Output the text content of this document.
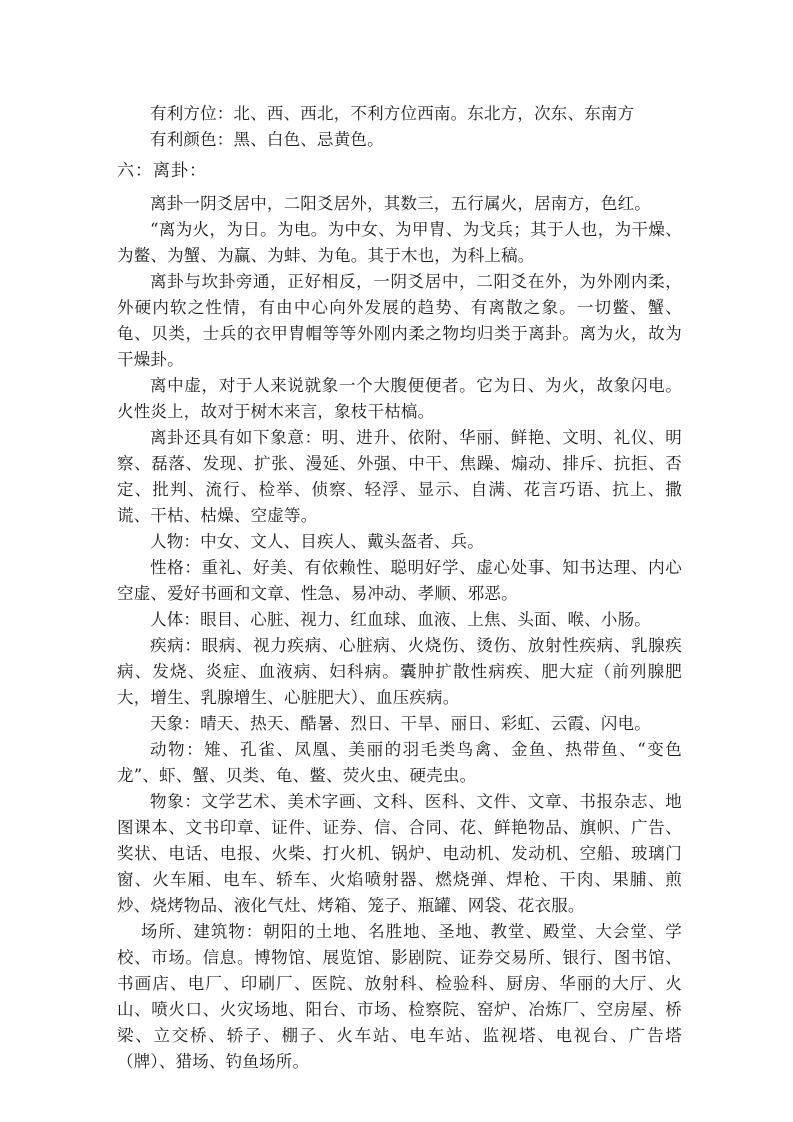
有利方位：北、西、西北，不利方位西南。东北方，次东、东南方

有利颜色：黑、白色、忌黄色。

六：离卦：

离卦一阴爻居中，二阳爻居外，其数三，五行属火，居南方，色红。

“离为火，为日。为电。为中女、为甲胄、为戈兵；其于人也，为干燥、为鳖、为蟹、为赢、为蚌、为龟。其于木也，为科上稿。

离卦与坎卦旁通，正好相反，一阴爻居中，二阳爻在外，为外刚内柔，外硬内软之性情，有由中心向外发展的趋势、有离散之象。一切鳖、蟹、龟、贝类，士兵的衣甲胄帽等等外刚内柔之物均归类于离卦。离为火，故为干燥卦。

离中虚，对于人来说就象一个大腹便便者。它为日、为火，故象闪电。火性炎上，故对于树木来言，象枝干枯槁。

离卦还具有如下象意：明、进升、依附、华丽、鲜艳、文明、礼仪、明察、磊落、发现、扩张、漫延、外强、中干、焦躁、煽动、排斥、抗拒、否定、批判、流行、检举、侦察、轻浮、显示、自满、花言巧语、抗上、撒谎、干枯、枯燥、空虚等。

人物：中女、文人、目疾人、戴头盔者、兵。

性格：重礼、好美、有依赖性、聪明好学、虚心处事、知书达理、内心空虚、爱好书画和文章、性急、易冲动、孝顺、邪恶。

人体：眼目、心脏、视力、红血球、血液、上焦、头面、喉、小肠。

疾病：眼病、视力疾病、心脏病、火烧伤、烫伤、放射性疾病、乳腺疾病、发烧、炎症、血液病、妇科病。囊肿扩散性病疾、肥大症（前列腺肥大，增生、乳腺增生、心脏肥大）、血压疾病。

天象：晴天、热天、酷暑、烈日、干旱、丽日、彩虹、云霞、闪电。

动物：雉、孔雀、凤凰、美丽的羽毛类鸟禽、金鱼、热带鱼、“变色龙”、虾、蟹、贝类、龟、鳖、荧火虫、硬壳虫。

物象：文学艺术、美术字画、文科、医科、文件、文章、书报杂志、地图课本、文书印章、证件、证券、信、合同、花、鲜艳物品、旗帜、广告、奖状、电话、电报、火柴、打火机、锅炉、电动机、发动机、空船、玻璃门窗、火车厢、电车、轿车、火焰喷射器、燃烧弹、焊枪、干肉、果脯、煎炒、烧烤物品、液化气灶、烤箱、笼子、瓶罐、网袋、花衣服。

场所、建筑物：朝阳的土地、名胜地、圣地、教堂、殿堂、大会堂、学校、市场。信息。博物馆、展览馆、影剧院、证券交易所、银行、图书馆、书画店、电厂、印刷厂、医院、放射科、检验科、厨房、华丽的大厅、火山、喷火口、火灾场地、阳台、市场、检察院、窑炉、冶炼厂、空房屋、桥梁、立交桥、轿子、棚子、火车站、电车站、监视塔、电视台、广告塔（牌）、猎场、钓鱼场所。
